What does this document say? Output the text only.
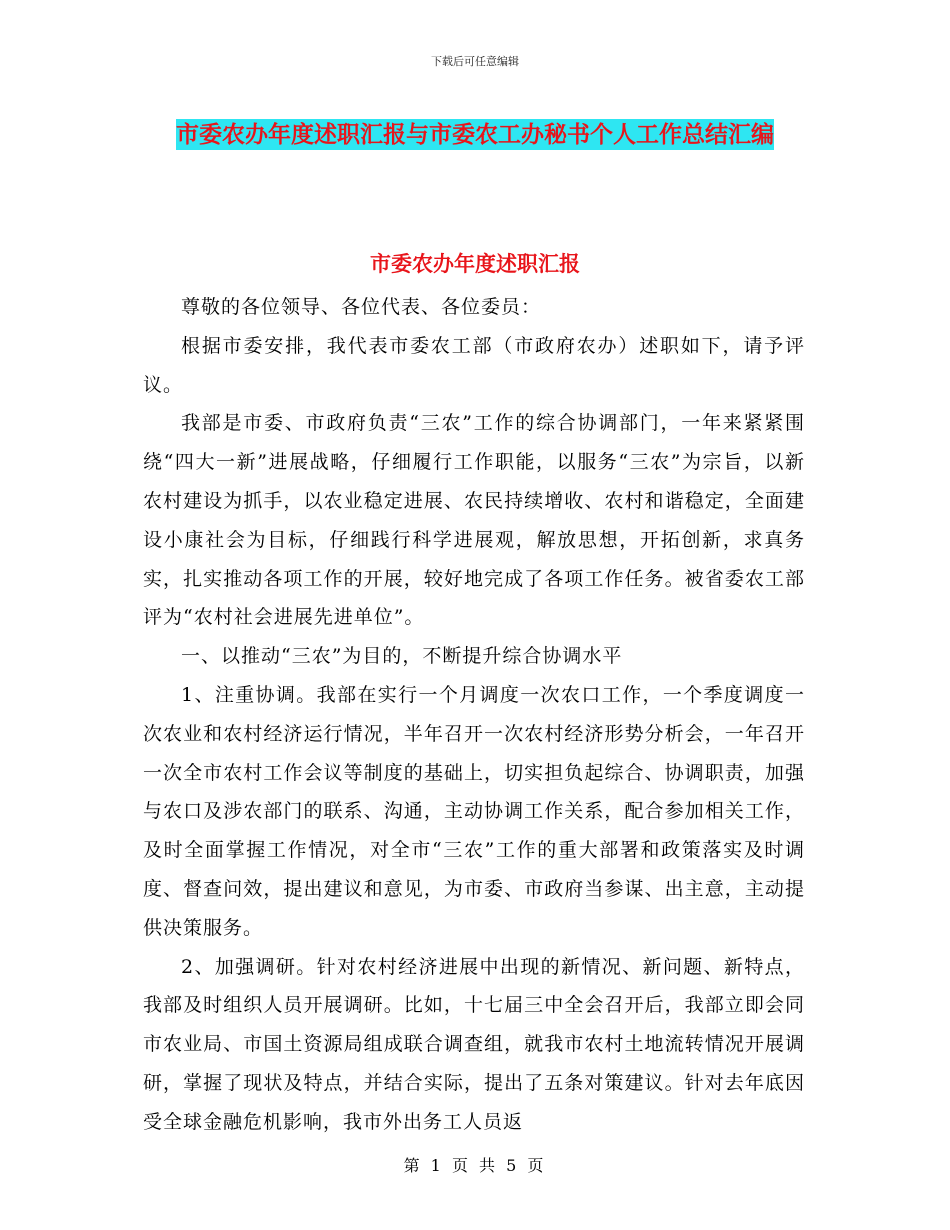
下载后可任意编辑
市委农办年度述职汇报与市委农工办秘书个人工作总结汇编
市委农办年度述职汇报

尊敬的各位领导、各位代表、各位委员：

根据市委安排，我代表市委农工部（市政府农办）述职如下，请予评议。

我部是市委、市政府负责“三农”工作的综合协调部门，一年来紧紧围绕“四大一新”进展战略，仔细履行工作职能，以服务“三农”为宗旨，以新农村建设为抓手，以农业稳定进展、农民持续增收、农村和谐稳定，全面建设小康社会为目标，仔细践行科学进展观，解放思想，开拓创新，求真务实，扎实推动各项工作的开展，较好地完成了各项工作任务。被省委农工部评为“农村社会进展先进单位”。

一、以推动“三农”为目的，不断提升综合协调水平

1、注重协调。我部在实行一个月调度一次农口工作，一个季度调度一次农业和农村经济运行情况，半年召开一次农村经济形势分析会，一年召开一次全市农村工作会议等制度的基础上，切实担负起综合、协调职责，加强与农口及涉农部门的联系、沟通，主动协调工作关系，配合参加相关工作，及时全面掌握工作情况，对全市“三农”工作的重大部署和政策落实及时调度、督查问效，提出建议和意见，为市委、市政府当参谋、出主意，主动提供决策服务。

2、加强调研。针对农村经济进展中出现的新情况、新问题、新特点，我部及时组织人员开展调研。比如，十七届三中全会召开后，我部立即会同市农业局、市国土资源局组成联合调查组，就我市农村土地流转情况开展调研，掌握了现状及特点，并结合实际，提出了五条对策建议。针对去年底因受全球金融危机影响，我市外出务工人员返

第 1 页 共 5 页
